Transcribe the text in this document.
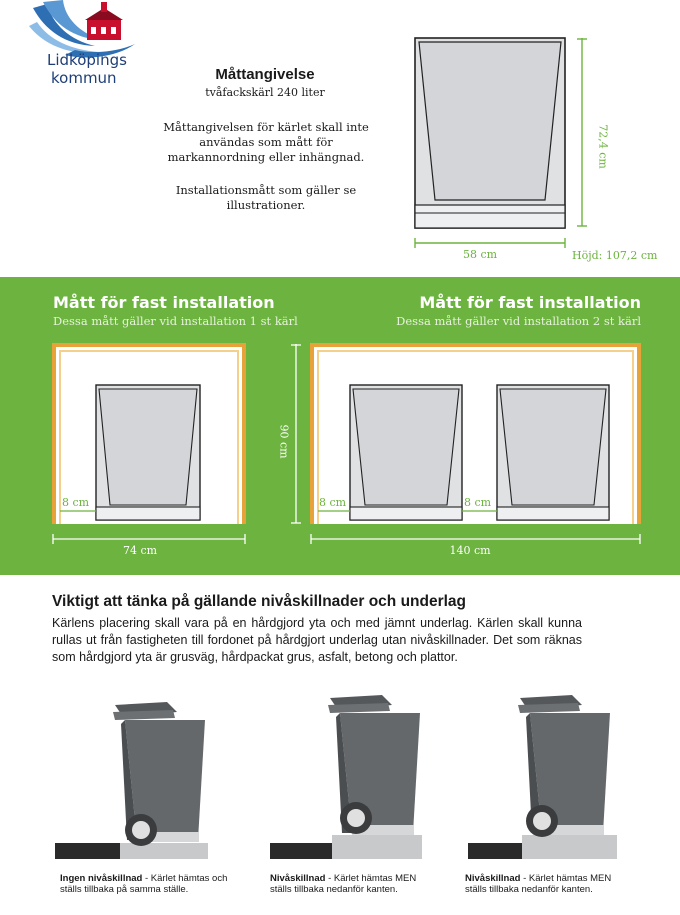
Lidköpings
kommun	Måttangivelse
tvåfackskärl 240 liter
Måttangivelsen för kärlet skall inte användas som mått för markannordning eller inhängnad.
Installationsmått som gäller se illustrationer.
58 cm
72,4 cm
Höjd: 107,2 cm
Mått för fast installation
Dessa mått gäller vid installation 1 st kärl
Mått för fast installation
Dessa mått gäller vid installation 2 st kärl
8 cm
74 cm
90 cm
8 cm	8 cm
140 cm
Viktigt att tänka på gällande nivåskillnader och underlag
Kärlens placering skall vara på en hårdgjord yta och med jämnt underlag. Kärlen skall kunna rullas ut från fastigheten till fordonet på hårdgjort underlag utan nivåskillnader. Det som räknas som hårdgjord yta är grusväg, hårdpackat grus, asfalt, betong och plattor.
Ingen nivåskillnad - Kärlet hämtas och ställs tillbaka på samma ställe.
Nivåskillnad - Kärlet hämtas MEN ställs tillbaka nedanför kanten.
Nivåskillnad - Kärlet hämtas MEN ställs tillbaka nedanför kanten.
